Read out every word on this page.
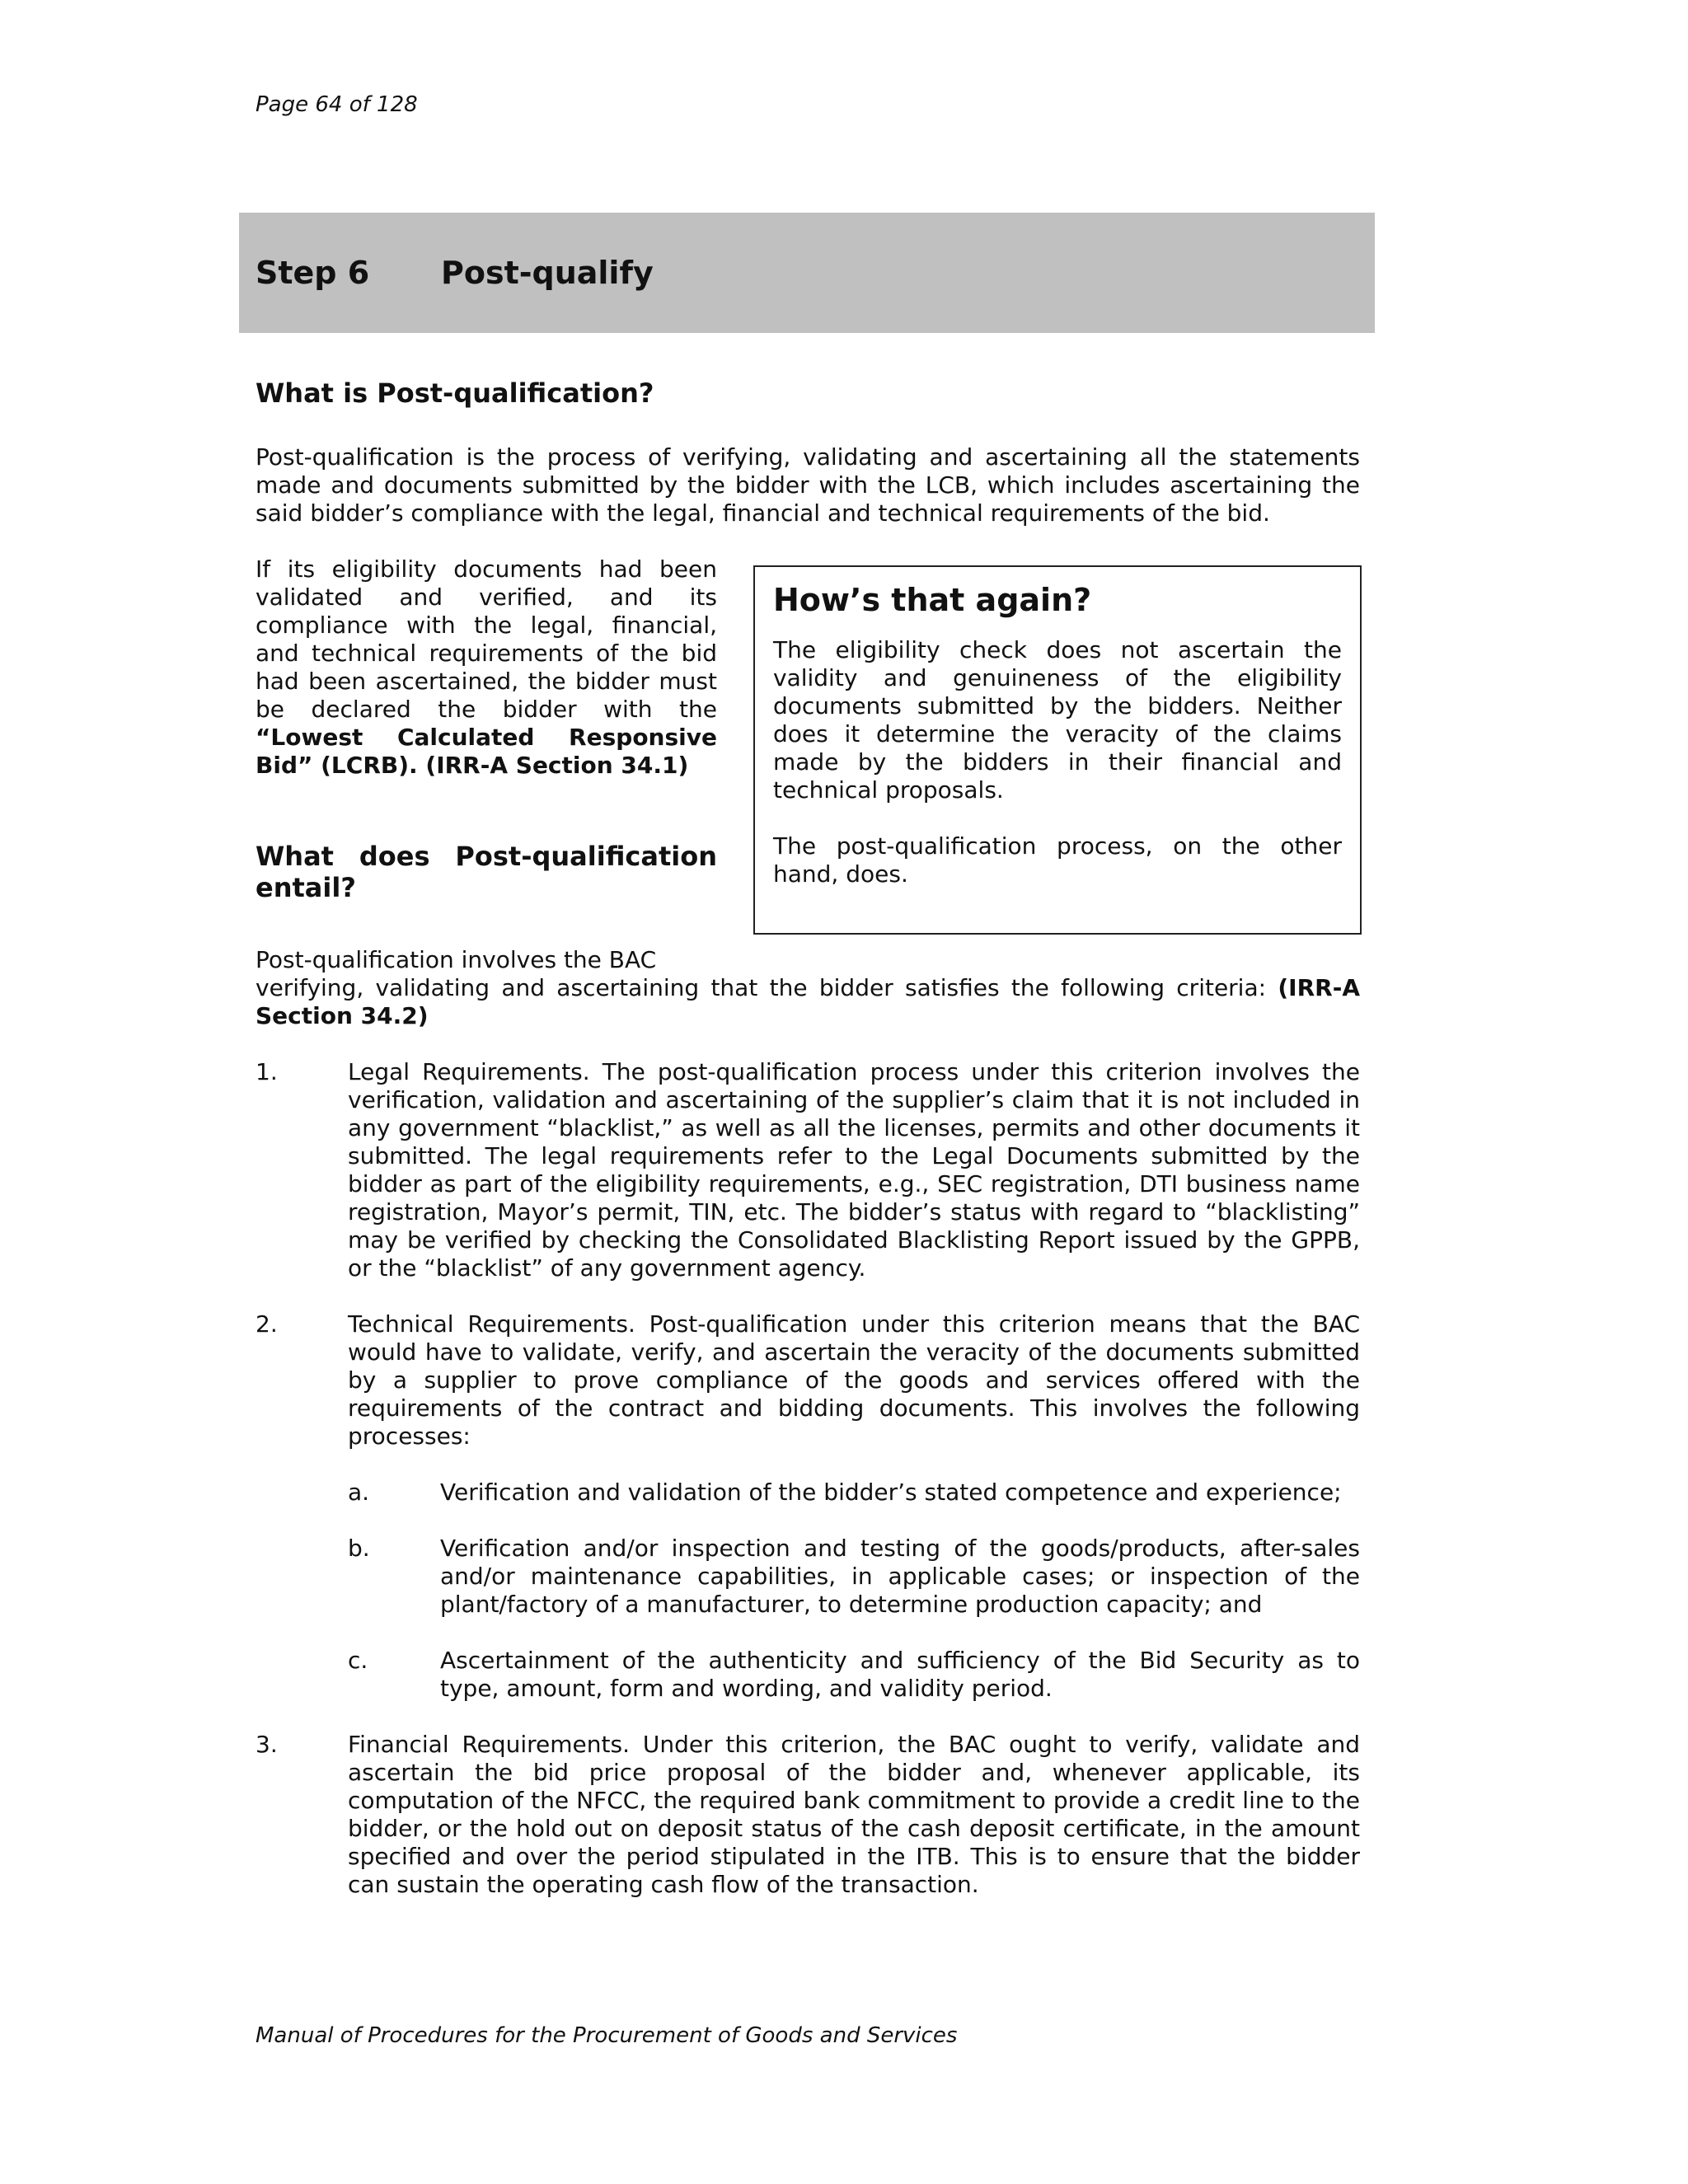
Page 64 of 128
Step 6	Post-qualify
What is Post-qualification?
Post-qualification is the process of verifying, validating and ascertaining all the statements made and documents submitted by the bidder with the LCB, which includes ascertaining the said bidder’s compliance with the legal, financial and technical requirements of the bid.
If its eligibility documents had been validated and verified, and its compliance with the legal, financial, and technical requirements of the bid had been ascertained, the bidder must be declared the bidder with the “Lowest Calculated Responsive Bid” (LCRB). (IRR-A Section 34.1)
How’s that again?
The eligibility check does not ascertain the validity and genuineness of the eligibility documents submitted by the bidders. Neither does it determine the veracity of the claims made by the bidders in their financial and technical proposals.
The post-qualification process, on the other hand, does.
What does Post-qualification entail?
Post-qualification involves the BAC
verifying, validating and ascertaining that the bidder satisfies the following criteria: (IRR-A Section 34.2)
1.	Legal Requirements. The post-qualification process under this criterion involves the verification, validation and ascertaining of the supplier’s claim that it is not included in any government “blacklist,” as well as all the licenses, permits and other documents it submitted. The legal requirements refer to the Legal Documents submitted by the bidder as part of the eligibility requirements, e.g., SEC registration, DTI business name registration, Mayor’s permit, TIN, etc. The bidder’s status with regard to “blacklisting” may be verified by checking the Consolidated Blacklisting Report issued by the GPPB, or the “blacklist” of any government agency.
2.	Technical Requirements. Post-qualification under this criterion means that the BAC would have to validate, verify, and ascertain the veracity of the documents submitted by a supplier to prove compliance of the goods and services offered with the requirements of the contract and bidding documents. This involves the following processes:
a.	Verification and validation of the bidder’s stated competence and experience;
b.	Verification and/or inspection and testing of the goods/products, after-sales and/or maintenance capabilities, in applicable cases; or inspection of the plant/factory of a manufacturer, to determine production capacity; and
c.	Ascertainment of the authenticity and sufficiency of the Bid Security as to type, amount, form and wording, and validity period.
3.	Financial Requirements. Under this criterion, the BAC ought to verify, validate and ascertain the bid price proposal of the bidder and, whenever applicable, its computation of the NFCC, the required bank commitment to provide a credit line to the bidder, or the hold out on deposit status of the cash deposit certificate, in the amount specified and over the period stipulated in the ITB. This is to ensure that the bidder can sustain the operating cash flow of the transaction.
Manual of Procedures for the Procurement of Goods and Services
